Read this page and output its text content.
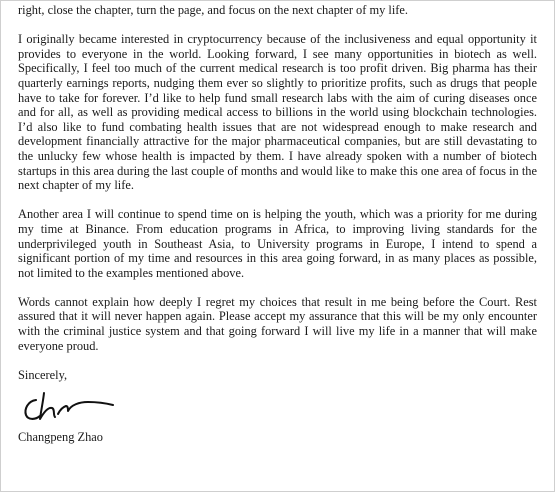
right, close the chapter, turn the page, and focus on the next chapter of my life.

I originally became interested in cryptocurrency because of the inclusiveness and equal opportunity it provides to everyone in the world. Looking forward, I see many opportunities in biotech as well. Specifically, I feel too much of the current medical research is too profit driven. Big pharma has their quarterly earnings reports, nudging them ever so slightly to prioritize profits, such as drugs that people have to take for forever. I’d like to help fund small research labs with the aim of curing diseases once and for all, as well as providing medical access to billions in the world using blockchain technologies. I’d also like to fund combating health issues that are not widespread enough to make research and development financially attractive for the major pharmaceutical companies, but are still devastating to the unlucky few whose health is impacted by them. I have already spoken with a number of biotech startups in this area during the last couple of months and would like to make this one area of focus in the next chapter of my life.

Another area I will continue to spend time on is helping the youth, which was a priority for me during my time at Binance. From education programs in Africa, to improving living standards for the underprivileged youth in Southeast Asia, to University programs in Europe, I intend to spend a significant portion of my time and resources in this area going forward, in as many places as possible, not limited to the examples mentioned above.

Words cannot explain how deeply I regret my choices that result in me being before the Court. Rest assured that it will never happen again. Please accept my assurance that this will be my only encounter with the criminal justice system and that going forward I will live my life in a manner that will make everyone proud.

Sincerely,

Changpeng Zhao
